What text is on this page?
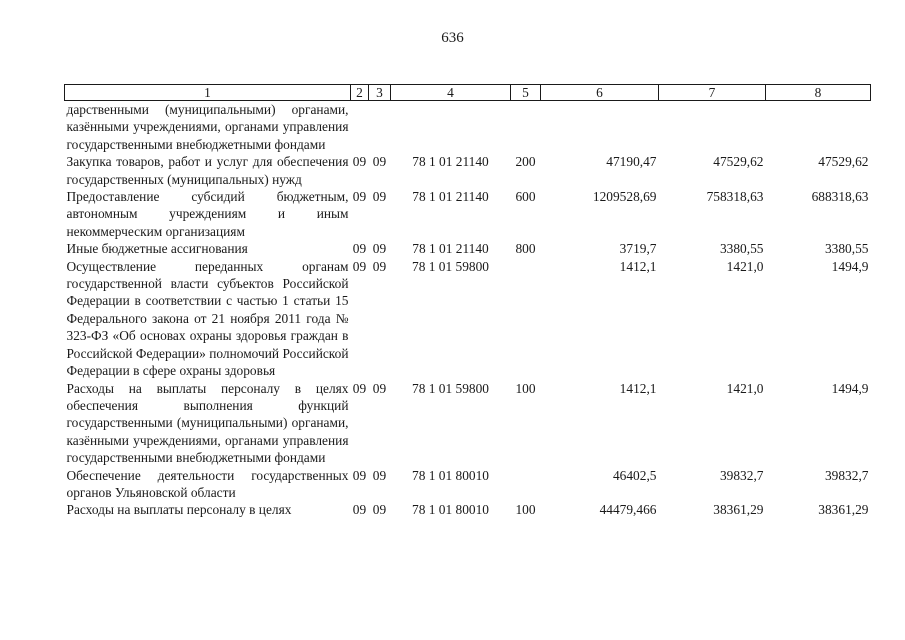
636
1	2	3	4	5	6	7	8
дарственными (муниципальными) органами, казёнными учреждениями, органами управления государственными внебюджетными фондами							
Закупка товаров, работ и услуг для обеспечения государственных (муниципальных) нужд	09	09	78 1 01 21140	200	47190,47	47529,62	47529,62
Предоставление субсидий бюджетным, автономным учреждениям и иным некоммерческим организациям	09	09	78 1 01 21140	600	1209528,69	758318,63	688318,63
Иные бюджетные ассигнования	09	09	78 1 01 21140	800	3719,7	3380,55	3380,55
Осуществление переданных органам государственной власти субъектов Российской Федерации в соответствии с частью 1 статьи 15 Федерального закона от 21 ноября 2011 года № 323-ФЗ «Об основах охраны здоровья граждан в Российской Федерации» полномочий Российской Федерации в сфере охраны здоровья	09	09	78 1 01 59800		1412,1	1421,0	1494,9
Расходы на выплаты персоналу в целях обеспечения выполнения функций государственными (муниципальными) органами, казёнными учреждениями, органами управления государственными внебюджетными фондами	09	09	78 1 01 59800	100	1412,1	1421,0	1494,9
Обеспечение деятельности государственных органов Ульяновской области	09	09	78 1 01 80010		46402,5	39832,7	39832,7
Расходы на выплаты персоналу в целях	09	09	78 1 01 80010	100	44479,466	38361,29	38361,29
